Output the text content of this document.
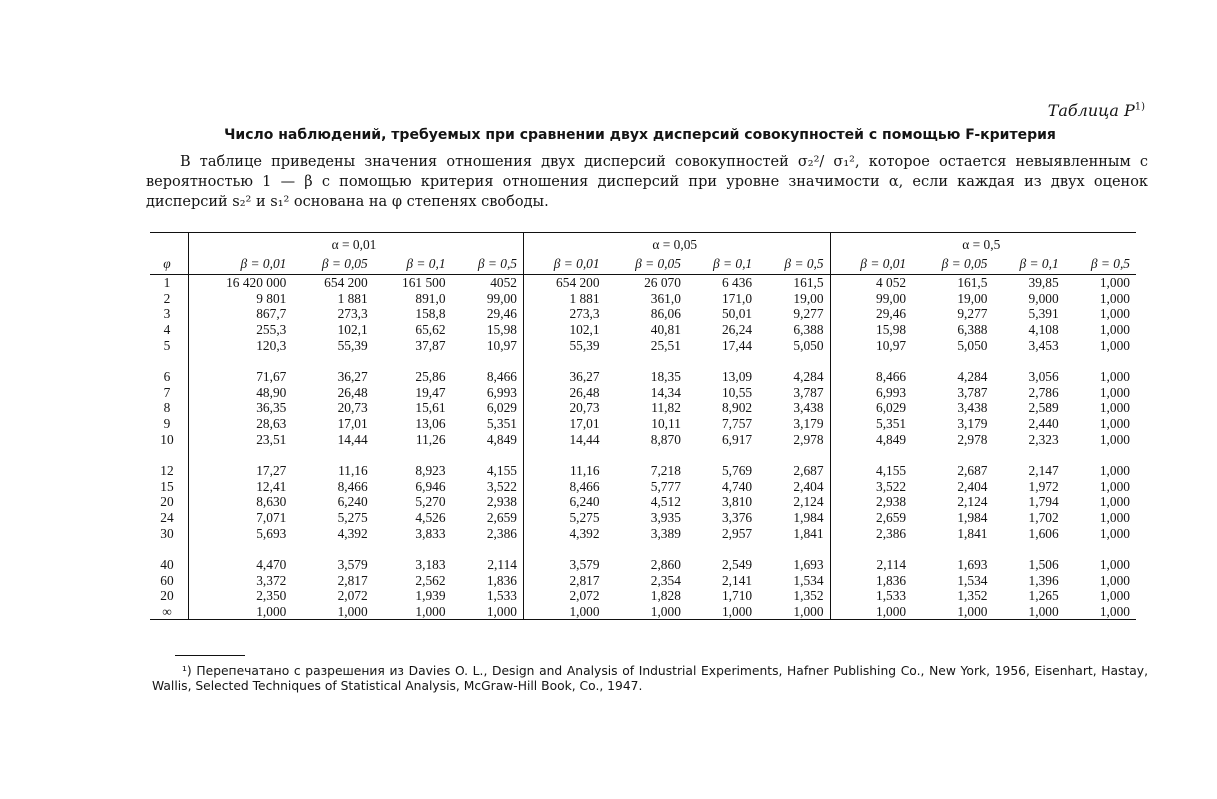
Таблица $P^{1)}$
Число наблюдений, требуемых при сравнении двух дисперсий совокупностей с помощью F-критерия
В таблице приведены значения отношения двух дисперсий совокупностей σ₂²/ σ₁², которое остается невыявленным с вероятностью 1 — β с помощью критерия отношения дисперсий при уровне значимости α, если каждая из двух оценок дисперсий s₂² и s₁² основана на φ степенях свободы.
	α = 0,01				α = 0,05				α = 0,5			
φ	β = 0,01	β = 0,05	β = 0,1	β = 0,5	β = 0,01	β = 0,05	β = 0,1	β = 0,5	β = 0,01	β = 0,05	β = 0,1	β = 0,5
1	16 420 000	654 200	161 500	4052	654 200	26 070	6 436	161,5	4 052	161,5	39,85	1,000
2	9 801	1 881	891,0	99,00	1 881	361,0	171,0	19,00	99,00	19,00	9,000	1,000
3	867,7	273,3	158,8	29,46	273,3	86,06	50,01	9,277	29,46	9,277	5,391	1,000
4	255,3	102,1	65,62	15,98	102,1	40,81	26,24	6,388	15,98	6,388	4,108	1,000
5	120,3	55,39	37,87	10,97	55,39	25,51	17,44	5,050	10,97	5,050	3,453	1,000

6	71,67	36,27	25,86	8,466	36,27	18,35	13,09	4,284	8,466	4,284	3,056	1,000
7	48,90	26,48	19,47	6,993	26,48	14,34	10,55	3,787	6,993	3,787	2,786	1,000
8	36,35	20,73	15,61	6,029	20,73	11,82	8,902	3,438	6,029	3,438	2,589	1,000
9	28,63	17,01	13,06	5,351	17,01	10,11	7,757	3,179	5,351	3,179	2,440	1,000
10	23,51	14,44	11,26	4,849	14,44	8,870	6,917	2,978	4,849	2,978	2,323	1,000

12	17,27	11,16	8,923	4,155	11,16	7,218	5,769	2,687	4,155	2,687	2,147	1,000
15	12,41	8,466	6,946	3,522	8,466	5,777	4,740	2,404	3,522	2,404	1,972	1,000
20	8,630	6,240	5,270	2,938	6,240	4,512	3,810	2,124	2,938	2,124	1,794	1,000
24	7,071	5,275	4,526	2,659	5,275	3,935	3,376	1,984	2,659	1,984	1,702	1,000
30	5,693	4,392	3,833	2,386	4,392	3,389	2,957	1,841	2,386	1,841	1,606	1,000

40	4,470	3,579	3,183	2,114	3,579	2,860	2,549	1,693	2,114	1,693	1,506	1,000
60	3,372	2,817	2,562	1,836	2,817	2,354	2,141	1,534	1,836	1,534	1,396	1,000
20	2,350	2,072	1,939	1,533	2,072	1,828	1,710	1,352	1,533	1,352	1,265	1,000
∞	1,000	1,000	1,000	1,000	1,000	1,000	1,000	1,000	1,000	1,000	1,000	1,000
¹) Перепечатано с разрешения из Davies O. L., Design and Analysis of Industrial Experiments, Hafner Publishing Co., New York, 1956, Eisenhart, Hastay, Wallis, Selected Techniques of Statistical Analysis, McGraw-Hill Book, Co., 1947.
